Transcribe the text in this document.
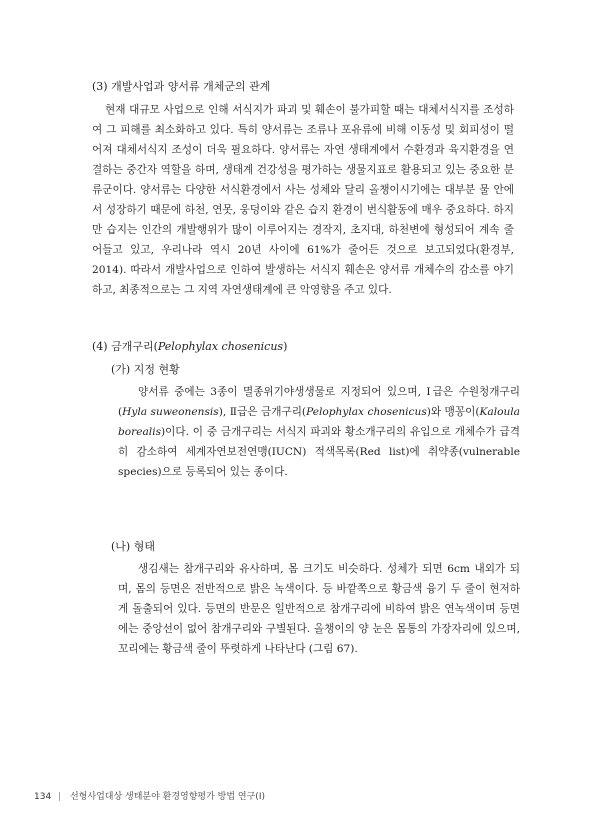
(3) 개발사업과 양서류 개체군의 관계
현재 대규모 사업으로 인해 서식지가 파괴 및 훼손이 불가피할 때는 대체서식지를 조성하여 그 피해를 최소화하고 있다. 특히 양서류는 조류나 포유류에 비해 이동성 및 회피성이 떨어져 대체서식지 조성이 더욱 필요하다. 양서류는 자연 생태계에서 수환경과 육지환경을 연결하는 중간자 역할을 하며, 생태계 건강성을 평가하는 생물지표로 활용되고 있는 중요한 분류군이다. 양서류는 다양한 서식환경에서 사는 성체와 달리 올챙이시기에는 대부분 물 안에서 성장하기 때문에 하천, 연못, 웅덩이와 같은 습지 환경이 번식활동에 매우 중요하다. 하지만 습지는 인간의 개발행위가 많이 이루어지는 경작지, 초지대, 하천변에 형성되어 계속 줄어들고 있고, 우리나라 역시 20년 사이에 61%가 줄어든 것으로 보고되었다(환경부, 2014). 따라서 개발사업으로 인하여 발생하는 서식지 훼손은 양서류 개체수의 감소를 야기하고, 최종적으로는 그 지역 자연생태계에 큰 악영향을 주고 있다.
(4) 금개구리(Pelophylax chosenicus)
(가) 지정 현황
양서류 중에는 3종이 멸종위기야생생물로 지정되어 있으며, Ⅰ급은 수원청개구리(Hyla suweonensis), Ⅱ급은 금개구리(Pelophylax chosenicus)와 맹꽁이(Kaloula borealis)이다. 이 중 금개구리는 서식지 파괴와 황소개구리의 유입으로 개체수가 급격히 감소하여 세계자연보전연맹(IUCN) 적색목록(Red list)에 취약종(vulnerable species)으로 등록되어 있는 종이다.
(나) 형태
생김새는 참개구리와 유사하며, 몸 크기도 비슷하다. 성체가 되면 6cm 내외가 되며, 몸의 등면은 전반적으로 밝은 녹색이다. 등 바깥쪽으로 황금색 융기 두 줄이 현저하게 돌출되어 있다. 등면의 반문은 일반적으로 참개구리에 비하여 밝은 연녹색이며 등면에는 중앙선이 없어 참개구리와 구별된다. 올챙이의 양 눈은 몸통의 가장자리에 있으며, 꼬리에는 황금색 줄이 뚜렷하게 나타난다 (그림 67).
134 | 선형사업대상 생태분야 환경영향평가 방법 연구(Ⅰ)
